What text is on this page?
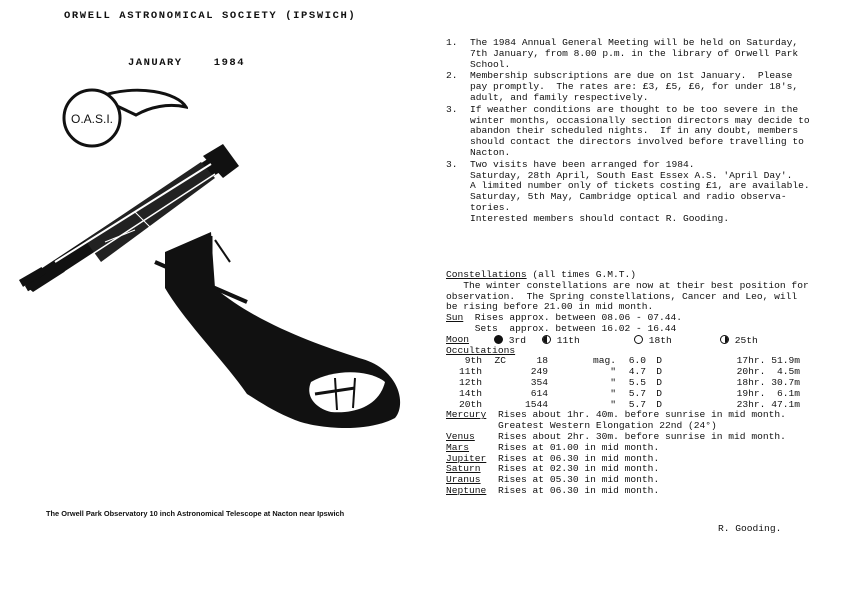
ORWELL ASTRONOMICAL SOCIETY (IPSWICH)
JANUARY    1984
O.A.S.I.
The Orwell Park Observatory 10 inch Astronomical Telescope at Nacton near Ipswich
1.	The 1984 Annual General Meeting will be held on Saturday,
7th January, from 8.00 p.m. in the library of Orwell Park
School.
2.	Membership subscriptions are due on 1st January.  Please
pay promptly.  The rates are: £3, £5, £6, for under 18's,
adult, and family respectively.
3.	If weather conditions are thought to be too severe in the
winter months, occasionally section directors may decide to
abandon their scheduled nights.  If in any doubt, members
should contact the directors involved before travelling to
Nacton.
3.	Two visits have been arranged for 1984.
Saturday, 28th April, South East Essex A.S. 'April Day'.
A limited number only of tickets costing £1, are available.
Saturday, 5th May, Cambridge optical and radio observa-
tories.
Interested members should contact R. Gooding.
Constellations (all times G.M.T.)
The winter constellations are now at their best position for
observation.  The Spring constellations, Cancer and Leo, will
be rising before 21.00 in mid month.
Sun  Rises approx. between 08.06 - 07.44.
Sets  approx. between 16.02 - 16.44
Moon	3rd	11th	18th	25th
Occultations
9th	ZC	18	mag.	6.0	D	17hr. 51.9m
11th	249	"	4.7	D	20hr.  4.5m
12th	354	"	5.5	D	18hr. 30.7m
14th	614	"	5.7	D	19hr.  6.1m
20th	1544	"	5.7	D	23hr. 47.1m
Mercury	Rises about 1hr. 40m. before sunrise in mid month.
Greatest Western Elongation 22nd (24°)
Venus	Rises about 2hr. 30m. before sunrise in mid month.
Mars	Rises at 01.00 in mid month.
Jupiter	Rises at 06.30 in mid month.
Saturn	Rises at 02.30 in mid month.
Uranus	Rises at 05.30 in mid month.
Neptune	Rises at 06.30 in mid month.
R. Gooding.
